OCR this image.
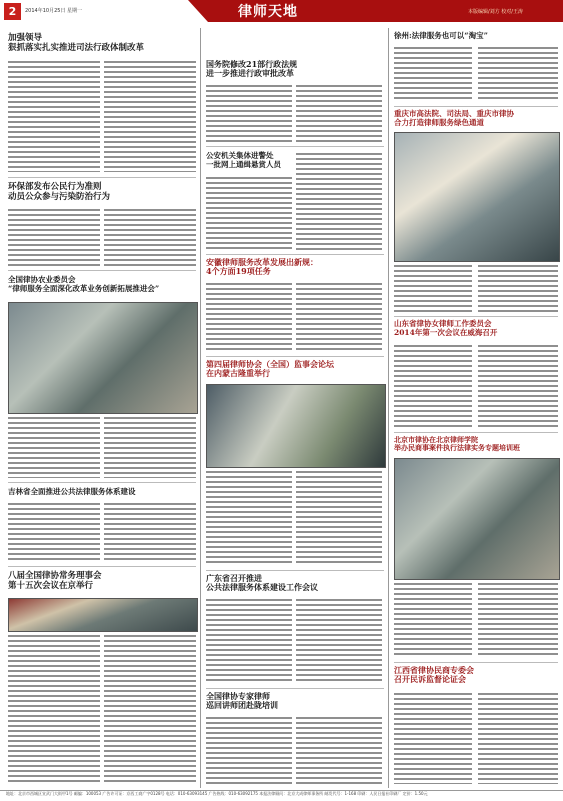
2	2014年10月25日 星期一	律师天地	本版编辑/刘方 校对/王涛
加强领导
狠抓落实扎实推进司法行政体制改革
环保部发布公民行为准则
动员公众参与污染防治行为
全国律协农业委员会
“律师服务全面深化改革业务创新拓展推进会”
吉林省全面推进公共法律服务体系建设
八届全国律协常务理事会
第十五次会议在京举行
国务院修改21部行政法规
进一步推进行政审批改革
公安机关集体进警处
一批网上通缉悬赏人员
安徽律师服务改革发展出新规：
4个方面19项任务
第四届律师协会（全国）监事会论坛
在内蒙古隆重举行
广东省召开推进
公共法律服务体系建设工作会议
全国律协专家律师
巡回讲师团赴陇培训
徐州:法律服务也可以“淘宝”
重庆市高法院、司法局、重庆市律协
合力打造律师服务绿色通道
山东省律协女律师工作委员会
2014年第一次会议在威海召开
北京市律协在北京律师学院
举办民商事案件执行法律实务专题培训班
江西省律协民商专委会
召开民诉监督论证会
地址：北京市西城区宣武门大街甲1号 邮编：100053 广告许可证：京西工商广字0128号 电话：010-63093145 广告热线：010-63092175 本报法律顾问：北京大成律师事务所 邮发代号：1-168 印刷：人民日报社印刷厂 定价：1.50元
